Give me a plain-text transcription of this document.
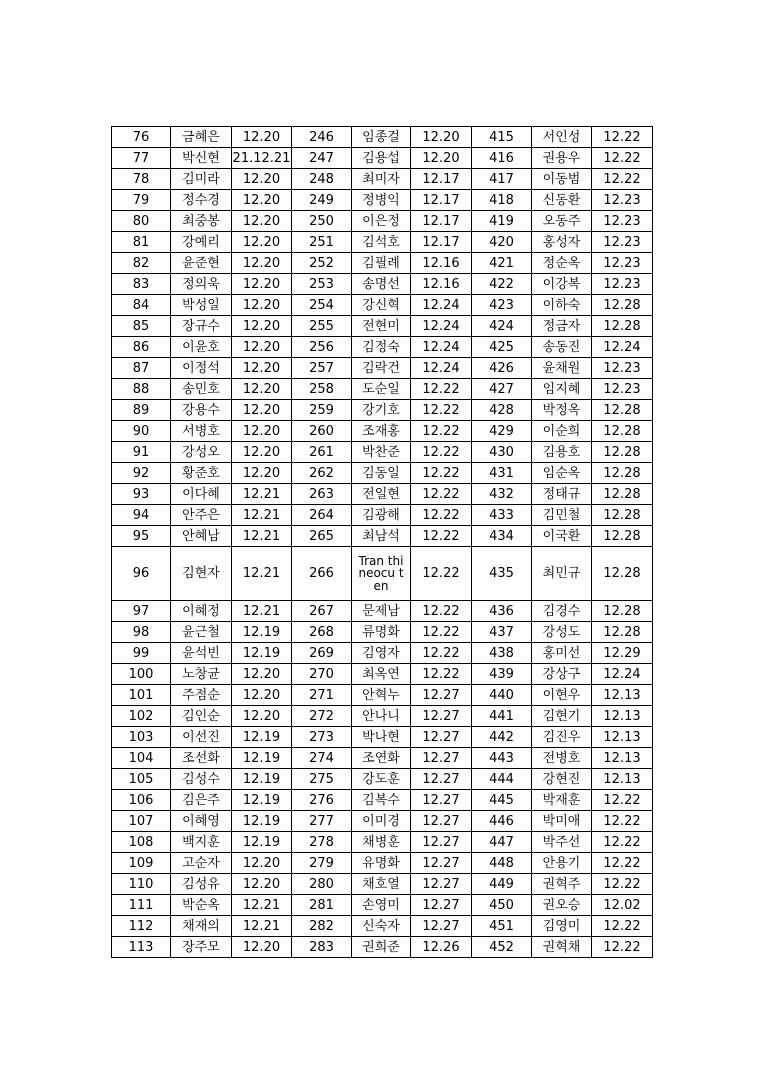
76	금혜은	12.20	246	임종걸	12.20	415	서인성	12.22
77	박신현	21.12.21	247	김용섭	12.20	416	권용우	12.22
78	김미라	12.20	248	최미자	12.17	417	이동범	12.22
79	정수경	12.20	249	정병익	12.17	418	신동환	12.23
80	최중봉	12.20	250	이은정	12.17	419	오동주	12.23
81	강예리	12.20	251	김석호	12.17	420	홍성자	12.23
82	윤준현	12.20	252	김필례	12.16	421	정순옥	12.23
83	정의욱	12.20	253	송명선	12.16	422	이강복	12.23
84	박성일	12.20	254	강신혁	12.24	423	이하숙	12.28
85	장규수	12.20	255	전현미	12.24	424	정금자	12.28
86	이윤호	12.20	256	김정숙	12.24	425	송동진	12.24
87	이정석	12.20	257	김락건	12.24	426	윤채원	12.23
88	송민호	12.20	258	도순일	12.22	427	임지혜	12.23
89	강용수	12.20	259	강기호	12.22	428	박정옥	12.28
90	서병호	12.20	260	조재홍	12.22	429	이순희	12.28
91	강성오	12.20	261	박찬준	12.22	430	김용호	12.28
92	황준호	12.20	262	김동일	12.22	431	임순옥	12.28
93	이다혜	12.21	263	전일현	12.22	432	정태규	12.28
94	안주은	12.21	264	김광해	12.22	433	김민철	12.28
95	안혜남	12.21	265	최남석	12.22	434	이국환	12.28
96	김현자	12.21	266	Tran thi neocu ten	12.22	435	최민규	12.28
97	이혜정	12.21	267	문제남	12.22	436	김경수	12.28
98	윤근철	12.19	268	류명화	12.22	437	강성도	12.28
99	윤석빈	12.19	269	김영자	12.22	438	홍미선	12.29
100	노창균	12.20	270	최옥연	12.22	439	강상구	12.24
101	주점순	12.20	271	안혁누	12.27	440	이현우	12.13
102	김인순	12.20	272	안나니	12.27	441	김현기	12.13
103	이선진	12.19	273	박나현	12.27	442	김진우	12.13
104	조선화	12.19	274	조연화	12.27	443	전병호	12.13
105	김성수	12.19	275	강도훈	12.27	444	강현진	12.13
106	김은주	12.19	276	김복수	12.27	445	박재훈	12.22
107	이혜영	12.19	277	이미경	12.27	446	박미애	12.22
108	백지훈	12.19	278	채병훈	12.27	447	박주선	12.22
109	고순자	12.20	279	유명화	12.27	448	안용기	12.22
110	김성유	12.20	280	채호열	12.27	449	권혁주	12.22
111	박순옥	12.21	281	손영미	12.27	450	권오승	12.02
112	채재의	12.21	282	신숙자	12.27	451	김영미	12.22
113	장주모	12.20	283	권희준	12.26	452	권혁채	12.22
